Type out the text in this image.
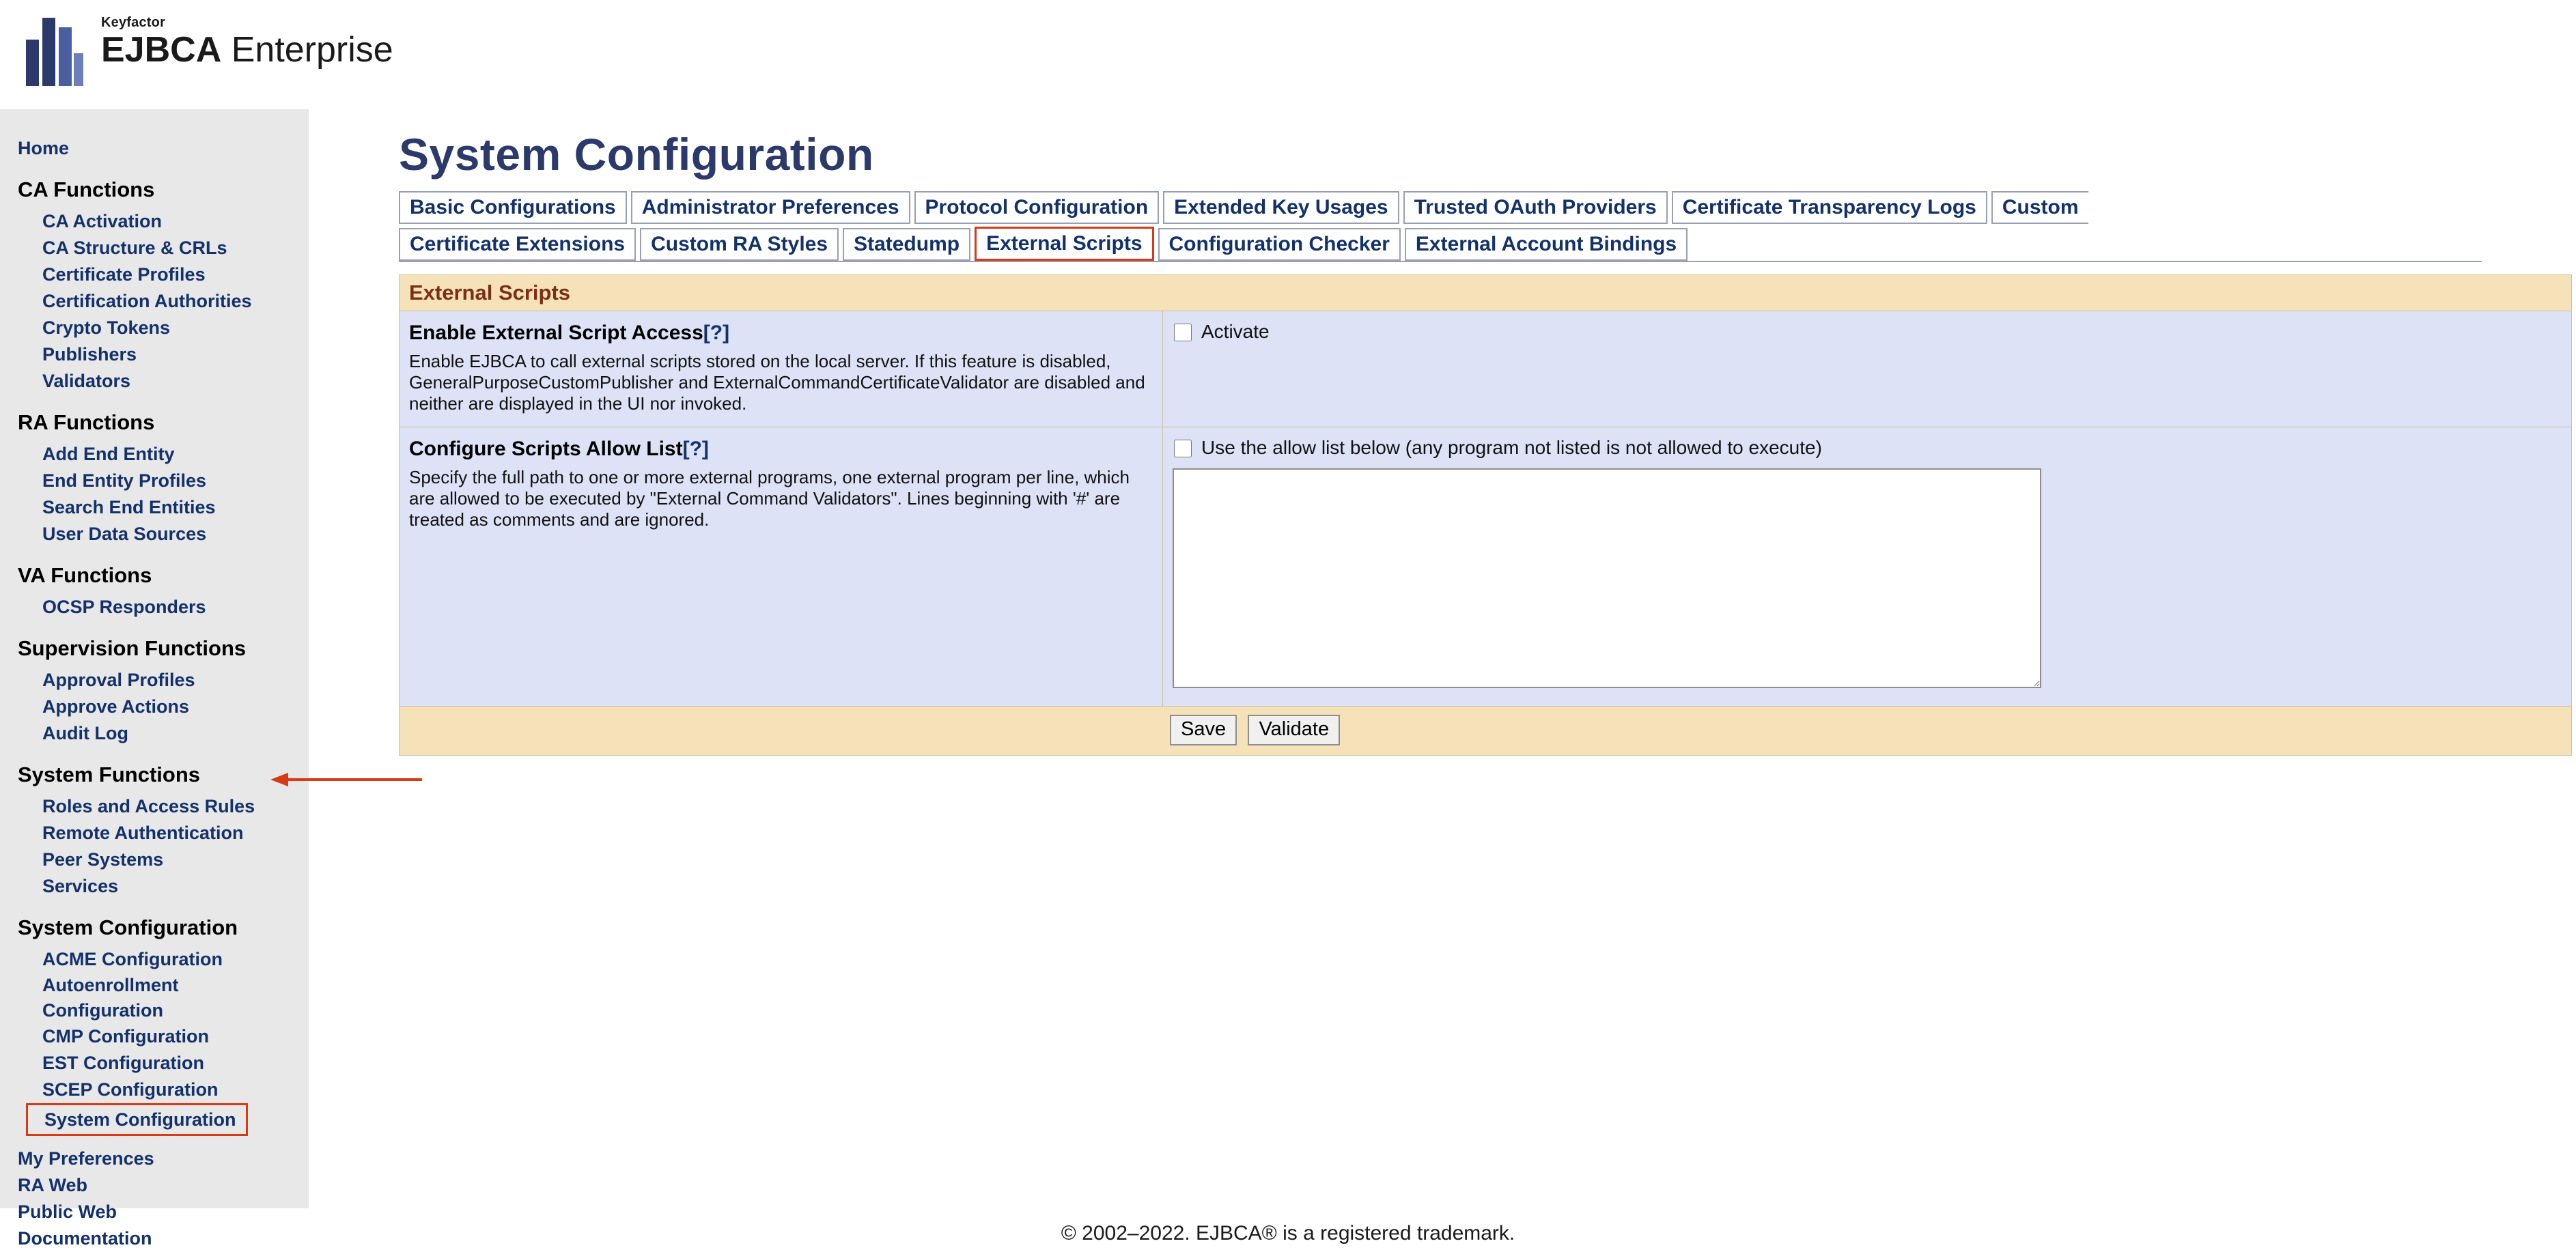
Keyfactor
EJBCA Enterprise
Home
CA Functions
CA Activation
CA Structure & CRLs
Certificate Profiles
Certification Authorities
Crypto Tokens
Publishers
Validators
RA Functions
Add End Entity
End Entity Profiles
Search End Entities
User Data Sources
VA Functions
OCSP Responders
Supervision Functions
Approval Profiles
Approve Actions
Audit Log
System Functions
Roles and Access Rules
Remote Authentication
Peer Systems
Services
System Configuration
ACME Configuration
Autoenrollment Configuration
CMP Configuration
EST Configuration
SCEP Configuration
System Configuration
My Preferences
RA Web
Public Web
Documentation
System Configuration
Basic Configurations	Administrator Preferences	Protocol Configuration	Extended Key Usages	Trusted OAuth Providers	Certificate Transparency Logs	Custom
Certificate Extensions	Custom RA Styles	Statedump	External Scripts	Configuration Checker	External Account Bindings
External Scripts
Enable External Script Access[?]
Enable EJBCA to call external scripts stored on the local server. If this feature is disabled, GeneralPurposeCustomPublisher and ExternalCommandCertificateValidator are disabled and neither are displayed in the UI nor invoked.
Activate
Configure Scripts Allow List[?]
Specify the full path to one or more external programs, one external program per line, which are allowed to be executed by "External Command Validators". Lines beginning with '#' are treated as comments and are ignored.
Use the allow list below (any program not listed is not allowed to execute)
Save Validate
© 2002–2022. EJBCA® is a registered trademark.
